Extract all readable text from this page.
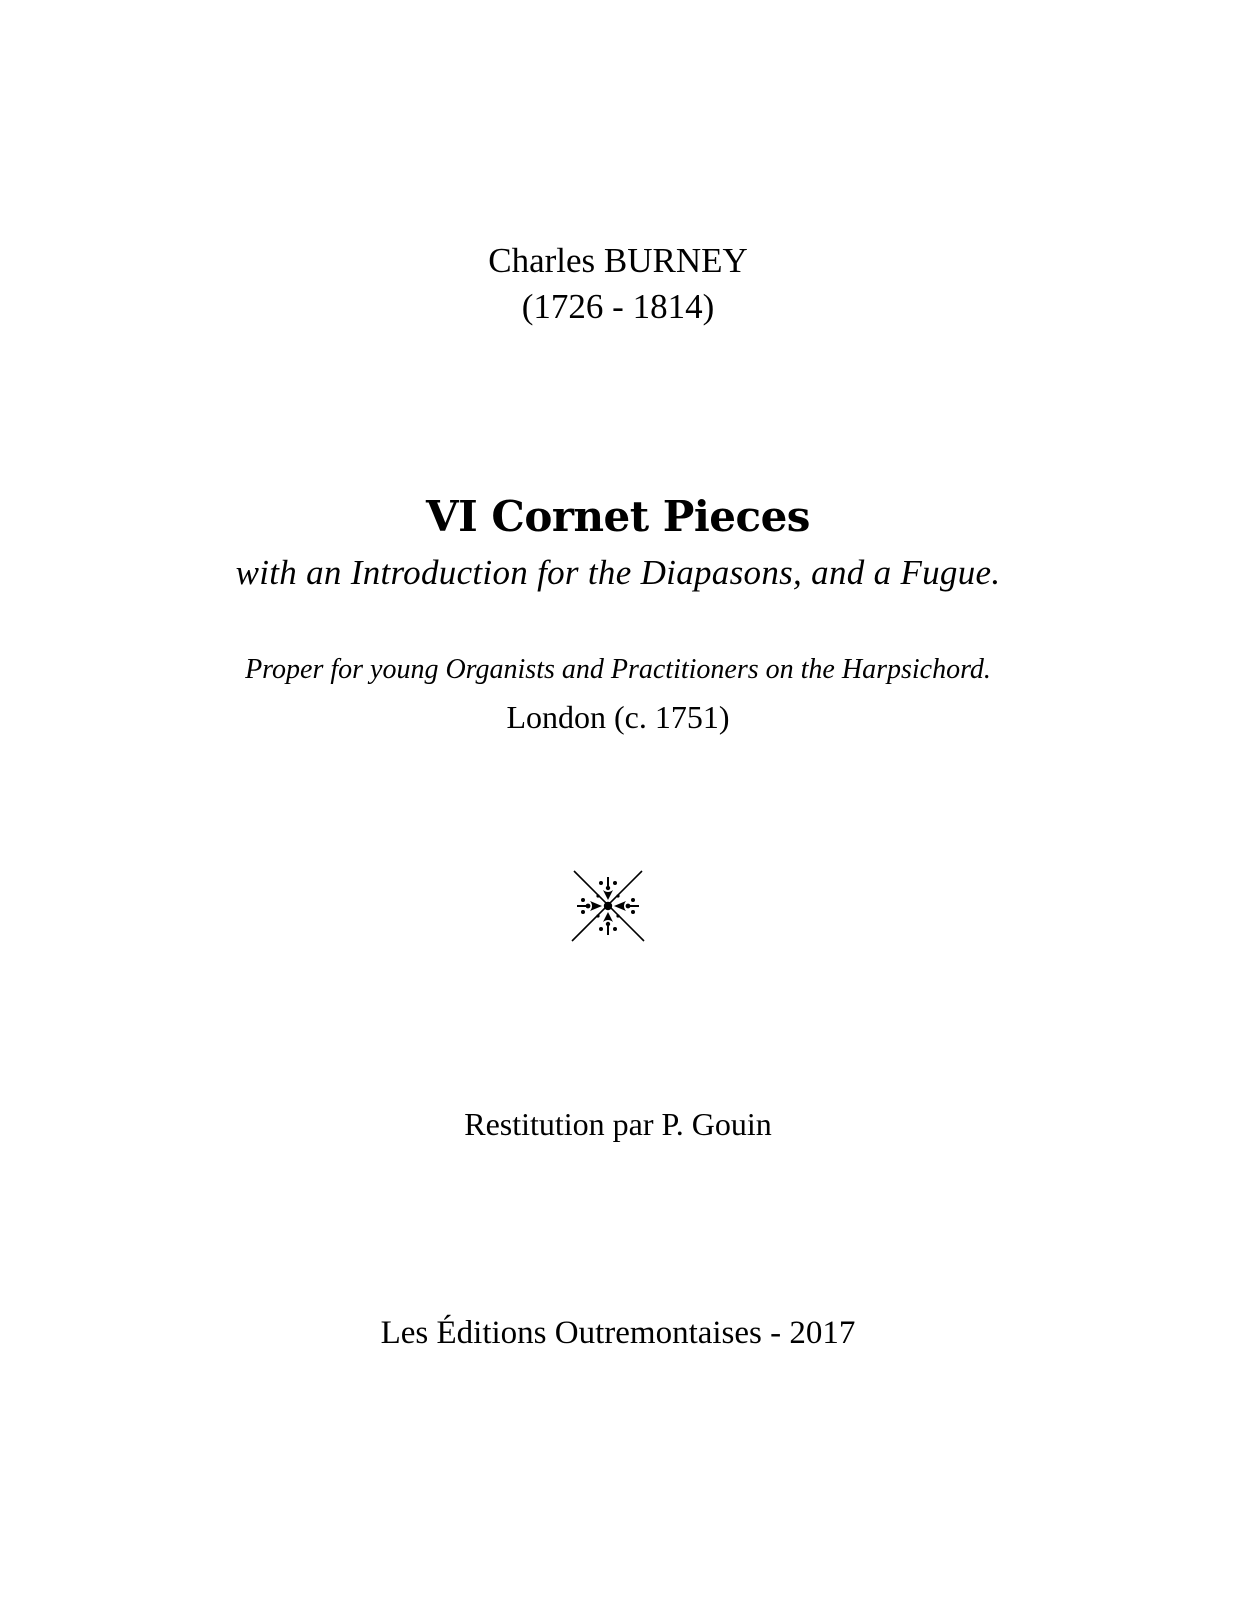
Charles BURNEY
(1726 - 1814)
VI Cornet Pieces
with an Introduction for the Diapasons, and a Fugue.
Proper for young Organists and Practitioners on the Harpsichord.
London (c. 1751)
Restitution par P. Gouin
Les Éditions Outremontaises - 2017
